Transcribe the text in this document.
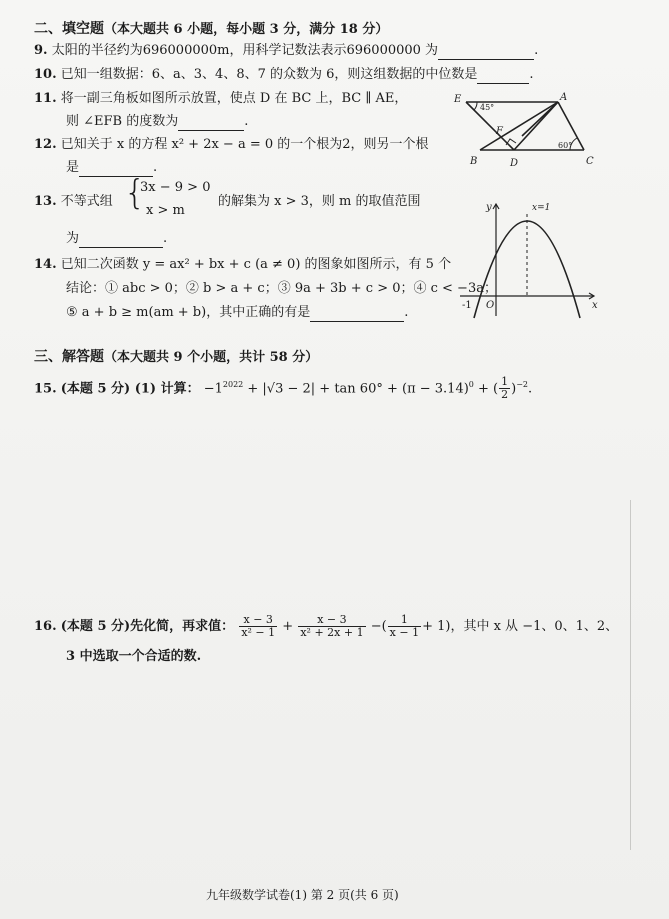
二、填空题（本大题共 6 小题，每小题 3 分，满分 18 分）
9. 太阳的半径约为696000000m，用科学记数法表示696000000 为	.
10. 已知一组数据：6、a、3、4、8、7 的众数为 6，则这组数据的中位数是	.
11. 将一副三角板如图所示放置，使点 D 在 BC 上，BC ∥ AE，
则 ∠EFB 的度数为	.
12. 已知关于 x 的方程 x² + 2x − a = 0 的一个根为2，则另一个根
是	.
13. 不等式组 {
3x − 9 > 0
x > m
的解集为 x > 3，则 m 的取值范围
为	.
14. 已知二次函数 y = ax² + bx + c (a ≠ 0) 的图象如图所示，有 5 个
结论：① abc > 0；② b > a + c；③ 9a + 3b + c > 0；④ c < −3a；
⑤ a + b ≥ m(am + b)，其中正确的有是	.
E	A
F
B	D	C
45°
60°
y
x
x=1
-1 O
三、解答题（本大题共 9 个小题，共计 58 分）
15. (本题 5 分) (1) 计算： $-1^{2022} + |√3 - 2| + \tan 60^\circ + (\pi - 3.14)^0$ + ( $\frac{1}{2} )^{-2}$.
16. (本题 5 分)先化简，再求值： $\frac{x - 3}{\text{x² − 1}} + \frac{x - 3}{\text{x² + 2x + 1}}$ −( $\frac{1}{x - 1} + 1$)，其中 x 从 −1、0、1、2、
3 中选取一个合适的数.
九年级数学试卷(1) 第 2 页(共 6 页)
